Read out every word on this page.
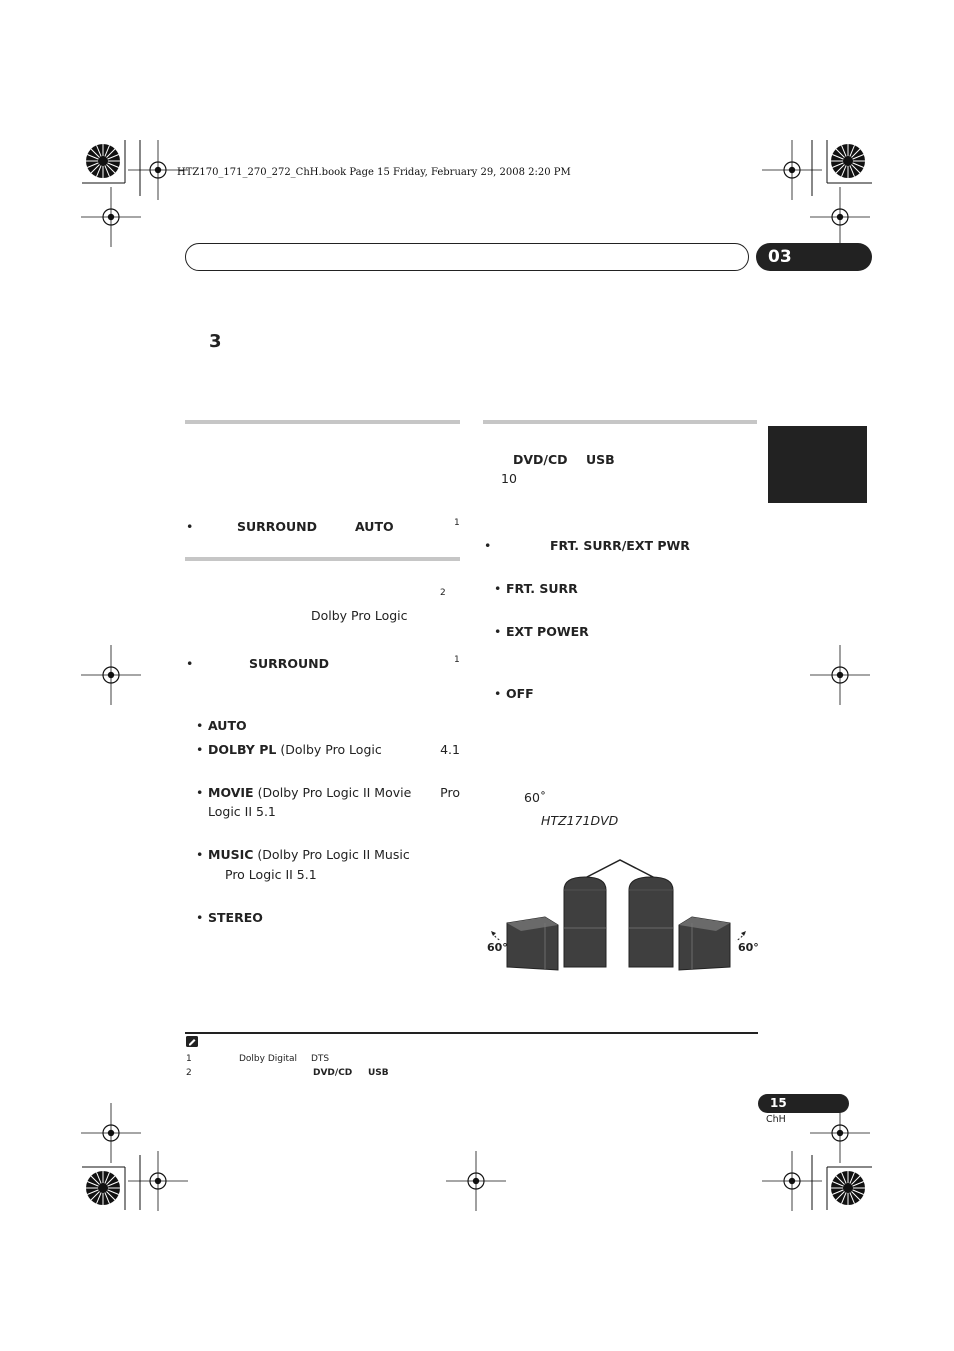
HTZ170_171_270_272_ChH.book Page 15 Friday, February 29, 2008 2:20 PM
03
3
•	SURROUND	AUTO	1
2
Dolby Pro Logic
•	SURROUND	1
• AUTO
• DOLBY PL (Dolby Pro Logic	4.1
• MOVIE (Dolby Pro Logic II Movie Pro
Logic II 5.1
• MUSIC (Dolby Pro Logic II Music
Pro Logic II 5.1
• STEREO
DVD/CD USB
10
•	FRT. SURR/EXT PWR
• FRT. SURR
• EXT POWER
• OFF
60˚
HTZ171DVD
60°	60°
1	Dolby Digital DTS
2	DVD/CD USB
15
ChH
